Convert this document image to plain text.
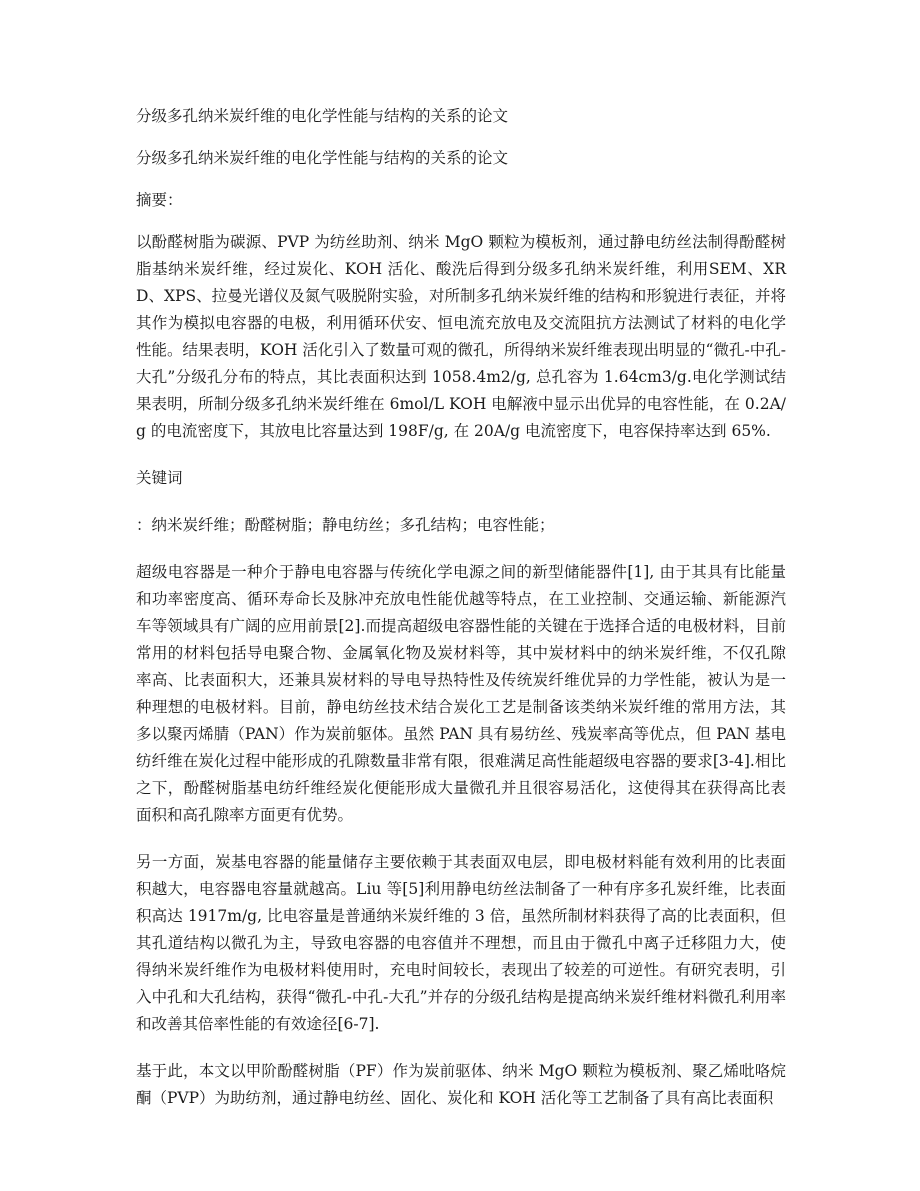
分级多孔纳米炭纤维的电化学性能与结构的关系的论文

分级多孔纳米炭纤维的电化学性能与结构的关系的论文

摘要：

以酚醛树脂为碳源、PVP 为纺丝助剂、纳米 MgO 颗粒为模板剂，通过静电纺丝法制得酚醛树脂基纳米炭纤维，经过炭化、KOH 活化、酸洗后得到分级多孔纳米炭纤维，利用SEM、XRD、XPS、拉曼光谱仪及氮气吸脱附实验，对所制多孔纳米炭纤维的结构和形貌进行表征，并将其作为模拟电容器的电极，利用循环伏安、恒电流充放电及交流阻抗方法测试了材料的电化学性能。结果表明，KOH 活化引入了数量可观的微孔，所得纳米炭纤维表现出明显的“微孔-中孔-大孔”分级孔分布的特点，其比表面积达到 1058.4m2/g, 总孔容为 1.64cm3/g.电化学测试结果表明，所制分级多孔纳米炭纤维在 6mol/L KOH 电解液中显示出优异的电容性能，在 0.2A/g 的电流密度下，其放电比容量达到 198F/g, 在 20A/g 电流密度下，电容保持率达到 65%.

关键词

：纳米炭纤维；酚醛树脂；静电纺丝；多孔结构；电容性能；

超级电容器是一种介于静电电容器与传统化学电源之间的新型储能器件[1], 由于其具有比能量和功率密度高、循环寿命长及脉冲充放电性能优越等特点，在工业控制、交通运输、新能源汽车等领域具有广阔的应用前景[2].而提高超级电容器性能的关键在于选择合适的电极材料，目前常用的材料包括导电聚合物、金属氧化物及炭材料等，其中炭材料中的纳米炭纤维，不仅孔隙率高、比表面积大，还兼具炭材料的导电导热特性及传统炭纤维优异的力学性能，被认为是一种理想的电极材料。目前，静电纺丝技术结合炭化工艺是制备该类纳米炭纤维的常用方法，其多以聚丙烯腈（PAN）作为炭前躯体。虽然 PAN 具有易纺丝、残炭率高等优点，但 PAN 基电纺纤维在炭化过程中能形成的孔隙数量非常有限，很难满足高性能超级电容器的要求[3-4].相比之下，酚醛树脂基电纺纤维经炭化便能形成大量微孔并且很容易活化，这使得其在获得高比表面积和高孔隙率方面更有优势。

另一方面，炭基电容器的能量储存主要依赖于其表面双电层，即电极材料能有效利用的比表面积越大，电容器电容量就越高。Liu 等[5]利用静电纺丝法制备了一种有序多孔炭纤维，比表面积高达 1917m/g, 比电容量是普通纳米炭纤维的 3 倍，虽然所制材料获得了高的比表面积，但其孔道结构以微孔为主，导致电容器的电容值并不理想，而且由于微孔中离子迁移阻力大，使得纳米炭纤维作为电极材料使用时，充电时间较长，表现出了较差的可逆性。有研究表明，引入中孔和大孔结构，获得“微孔-中孔-大孔”并存的分级孔结构是提高纳米炭纤维材料微孔利用率和改善其倍率性能的有效途径[6-7].

基于此，本文以甲阶酚醛树脂（PF）作为炭前驱体、纳米 MgO 颗粒为模板剂、聚乙烯吡咯烷酮（PVP）为助纺剂，通过静电纺丝、固化、炭化和 KOH 活化等工艺制备了具有高比表面积
